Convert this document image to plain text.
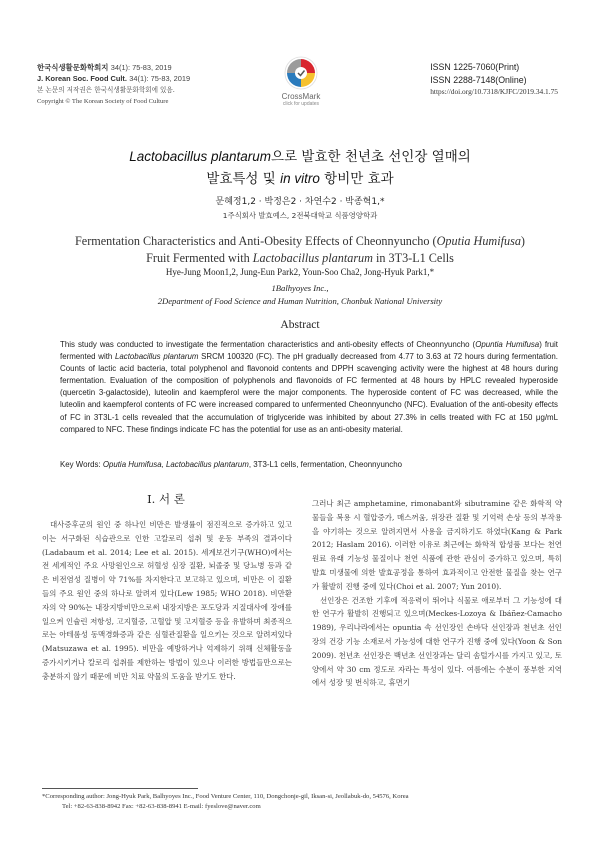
한국식생활문화학회지 34(1): 75-83, 2019
J. Korean Soc. Food Cult. 34(1): 75-83, 2019
본 논문의 저작권은 한국식생활문화학회에 있음.
Copyright © The Korean Society of Food Culture
CrossMark
click for updates
ISSN 1225-7060(Print)
ISSN 2288-7148(Online)
https://doi.org/10.7318/KJFC/2019.34.1.75
Lactobacillus plantarum으로 발효한 천년초 선인장 열매의
발효특성 및 in vitro 항비만 효과
문혜정1,2 · 박정은2 · 차연수2 · 박종혁1,*
1주식회사 발효예스, 2전북대학교 식품영양학과
Fermentation Characteristics and Anti-Obesity Effects of Cheonnyuncho (Oputia Humifusa)
Fruit Fermented with Lactobacillus plantarum in 3T3-L1 Cells
Hye-Jung Moon1,2, Jung-Eun Park2, Youn-Soo Cha2, Jong-Hyuk Park1,*
1Balhyoyes Inc.,
2Department of Food Science and Human Nutrition, Chonbuk National University
Abstract
This study was conducted to investigate the fermentation characteristics and anti-obesity effects of Cheonnyuncho (Opuntia Humifusa) fruit fermented with Lactobacillus plantarum SRCM 100320 (FC). The pH gradually decreased from 4.77 to 3.63 at 72 hours during fermentation. Counts of lactic acid bacteria, total polyphenol and flavonoid contents and DPPH scavenging activity were the highest at 48 hours during fermentation. Evaluation of the composition of polyphenols and flavonoids of FC fermented at 48 hours by HPLC revealed hyperoside (quercetin 3-galactoside), luteolin and kaempferol were the major components. The hyperoside content of FC was decreased, while the luteolin and kaempferol contents of FC were increased compared to unfermented Cheonnyuncho (NFC). Evaluation of the anti-obesity effects of FC in 3T3L-1 cells revealed that the accumulation of triglyceride was inhibited by about 27.3% in cells treated with FC at 150 μg/mL compared to NFC. These findings indicate FC has the potential for use as an anti-obesity material.
Key Words: Oputia Humifusa, Lactobacillus plantarum, 3T3-L1 cells, fermentation, Cheonnyuncho
I. 서 론

대사증후군의 원인 중 하나인 비만은 발생률이 점진적으로 증가하고 있고 이는 서구화된 식습관으로 인한 고칼로리 섭취 및 운동 부족의 결과이다(Ladabaum et al. 2014; Lee et al. 2015). 세계보건기구(WHO)에서는 전 세계적인 주요 사망원인으로 허혈성 심장 질환, 뇌졸중 및 당뇨병 등과 같은 비전염성 질병이 약 71%를 차지한다고 보고하고 있으며, 비만은 이 질환들의 주요 원인 중의 하나로 알려져 있다(Lew 1985; WHO 2018). 비만환자의 약 90%는 내장지방비만으로써 내장지방은 포도당과 지질대사에 장애를 일으켜 인슐린 저항성, 고지혈증, 고혈압 및 고지혈증 등을 유발하며 최종적으로는 아테롬성 동맥경화증과 같은 심혈관질환을 일으키는 것으로 알려져있다(Matsuzawa et al. 1995). 비만을 예방하거나 억제하기 위해 신체활동을 증가시키거나 칼로리 섭취를 제한하는 방법이 있으나 이러한 방법들만으로는 충분하지 않기 때문에 비만 치료 약물의 도움을 받기도 한다.

그러나 최근 amphetamine, rimonabant와 sibutramine 같은 화학적 약물들을 복용 시 혈압증가, 매스꺼움, 위장관 질환 및 기억력 손상 등의 부작용을 야기하는 것으로 알려지면서 사용을 금지하기도 하였다(Kang & Park 2012; Haslam 2016). 이러한 이유로 최근에는 화학적 합성품 보다는 천연 원료 유래 기능성 물질이나 천연 식품에 관한 관심이 증가하고 있으며, 특히 발효 미생물에 의한 발효공정을 통하여 효과적이고 안전한 물질을 찾는 연구가 활발히 진행 중에 있다(Choi et al. 2007; Yun 2010).

선인장은 건조한 기후에 적응력이 뛰어나 식물로 애로부터 그 기능성에 대한 연구가 활발히 진행되고 있으며(Meckes-Lozoya & Ibáñez-Camacho 1989), 우리나라에서는 opuntia 속 선인장인 손바닥 선인장과 천년초 선인장의 건강 기능 소재로서 가능성에 대한 연구가 진행 중에 있다(Yoon & Son 2009). 천년초 선인장은 백년초 선인장과는 달리 솜털가시를 가지고 있고, 토양에서 약 30 cm 정도로 자라는 특성이 있다. 여름에는 수분이 풍부한 지역에서 성장 및 번식하고, 휴면기

*Corresponding author: Jong-Hyuk Park, Balhyoyes Inc., Food Venture Center, 110, Dongchonje-gil, Iksan-si, Jeollabuk-do, 54576, Korea
Tel: +82-63-838-8942 Fax: +82-63-838-8941 E-mail: fyeslove@naver.com
